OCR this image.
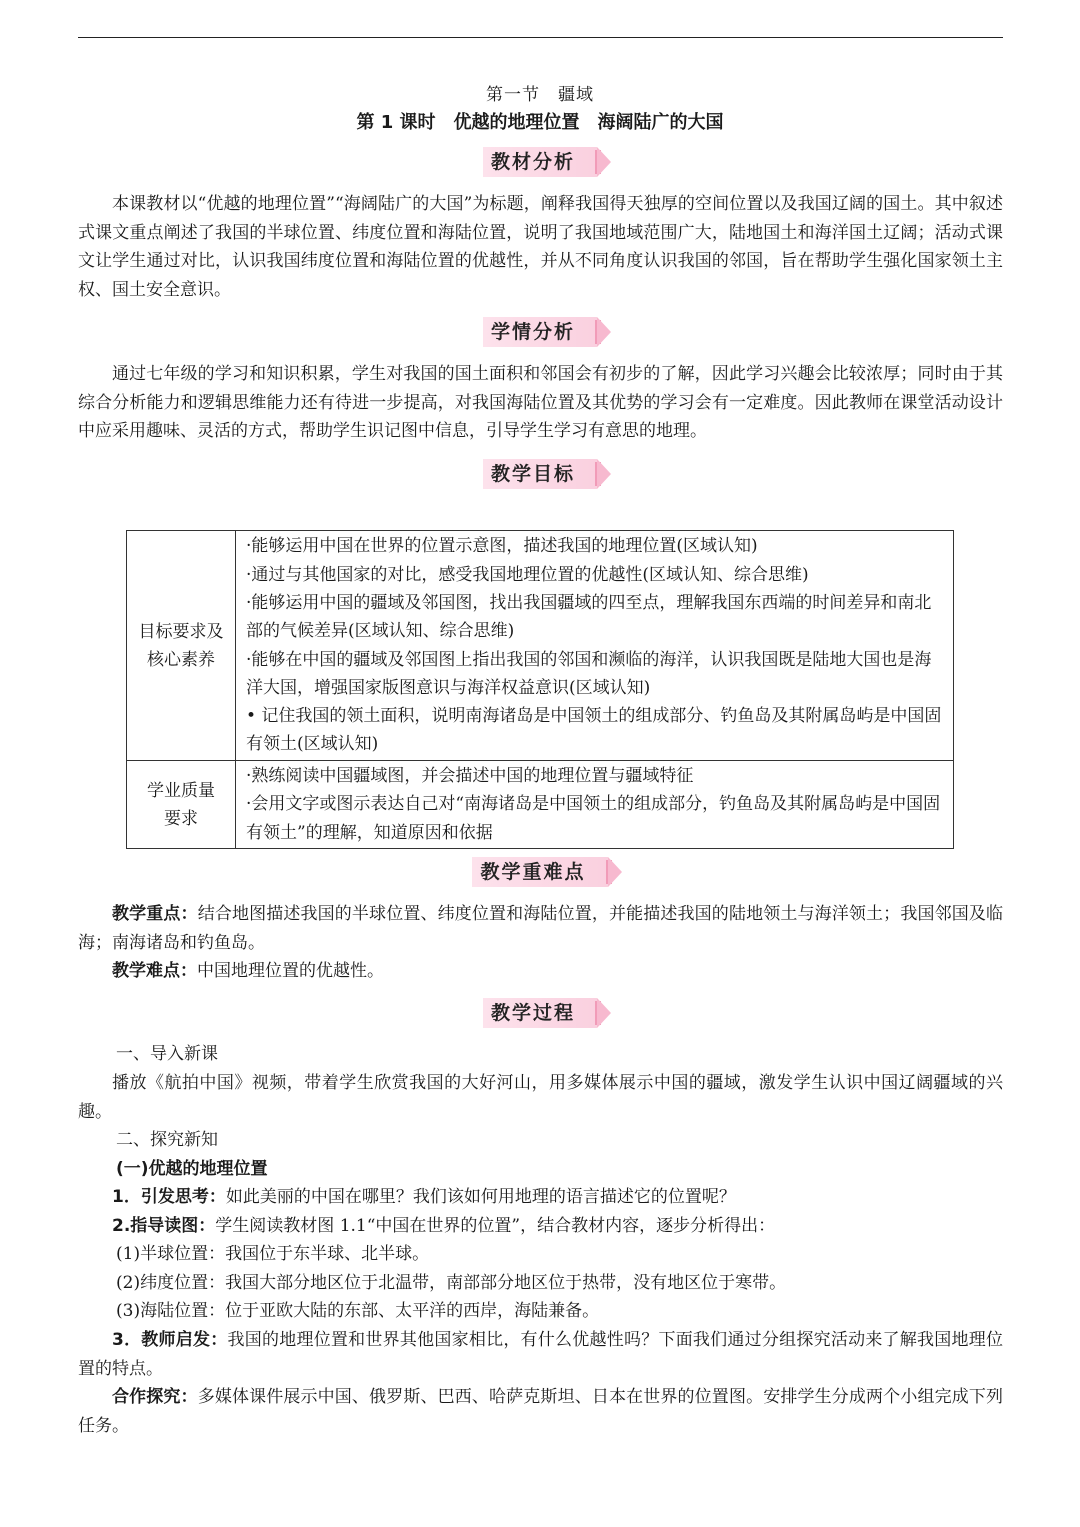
第一节　疆域
第 1 课时　优越的地理位置　海阔陆广的大国
教材分析
本课教材以“优越的地理位置”“海阔陆广的大国”为标题，阐释我国得天独厚的空间位置以及我国辽阔的国土。其中叙述式课文重点阐述了我国的半球位置、纬度位置和海陆位置，说明了我国地域范围广大，陆地国土和海洋国土辽阔；活动式课文让学生通过对比，认识我国纬度位置和海陆位置的优越性，并从不同角度认识我国的邻国，旨在帮助学生强化国家领土主权、国土安全意识。
学情分析
通过七年级的学习和知识积累，学生对我国的国土面积和邻国会有初步的了解，因此学习兴趣会比较浓厚；同时由于其综合分析能力和逻辑思维能力还有待进一步提高，对我国海陆位置及其优势的学习会有一定难度。因此教师在课堂活动设计中应采用趣味、灵活的方式，帮助学生识记图中信息，引导学生学习有意思的地理。
教学目标
目标要求及核心素养	·能够运用中国在世界的位置示意图，描述我国的地理位置(区域认知)
·通过与其他国家的对比，感受我国地理位置的优越性(区域认知、综合思维)
·能够运用中国的疆域及邻国图，找出我国疆域的四至点，理解我国东西端的时间差异和南北部的气候差异(区域认知、综合思维)
·能够在中国的疆域及邻国图上指出我国的邻国和濒临的海洋，认识我国既是陆地大国也是海洋大国，增强国家版图意识与海洋权益意识(区域认知)
• 记住我国的领土面积，说明南海诸岛是中国领土的组成部分、钓鱼岛及其附属岛屿是中国固有领土(区域认知)

学业质量要求	·熟练阅读中国疆域图，并会描述中国的地理位置与疆域特征
·会用文字或图示表达自己对“南海诸岛是中国领土的组成部分，钓鱼岛及其附属岛屿是中国固有领土”的理解，知道原因和依据
教学重难点
教学重点：结合地图描述我国的半球位置、纬度位置和海陆位置，并能描述我国的陆地领土与海洋领土；我国邻国及临海；南海诸岛和钓鱼岛。
教学难点：中国地理位置的优越性。
教学过程
一、导入新课
播放《航拍中国》视频，带着学生欣赏我国的大好河山，用多媒体展示中国的疆域，激发学生认识中国辽阔疆域的兴趣。
二、探究新知
(一)优越的地理位置
1．引发思考：如此美丽的中国在哪里？我们该如何用地理的语言描述它的位置呢？
2.指导读图：学生阅读教材图 1.1“中国在世界的位置”，结合教材内容，逐步分析得出：
(1)半球位置：我国位于东半球、北半球。
(2)纬度位置：我国大部分地区位于北温带，南部部分地区位于热带，没有地区位于寒带。
(3)海陆位置：位于亚欧大陆的东部、太平洋的西岸，海陆兼备。
3．教师启发：我国的地理位置和世界其他国家相比，有什么优越性吗？下面我们通过分组探究活动来了解我国地理位置的特点。
合作探究：多媒体课件展示中国、俄罗斯、巴西、哈萨克斯坦、日本在世界的位置图。安排学生分成两个小组完成下列任务。
